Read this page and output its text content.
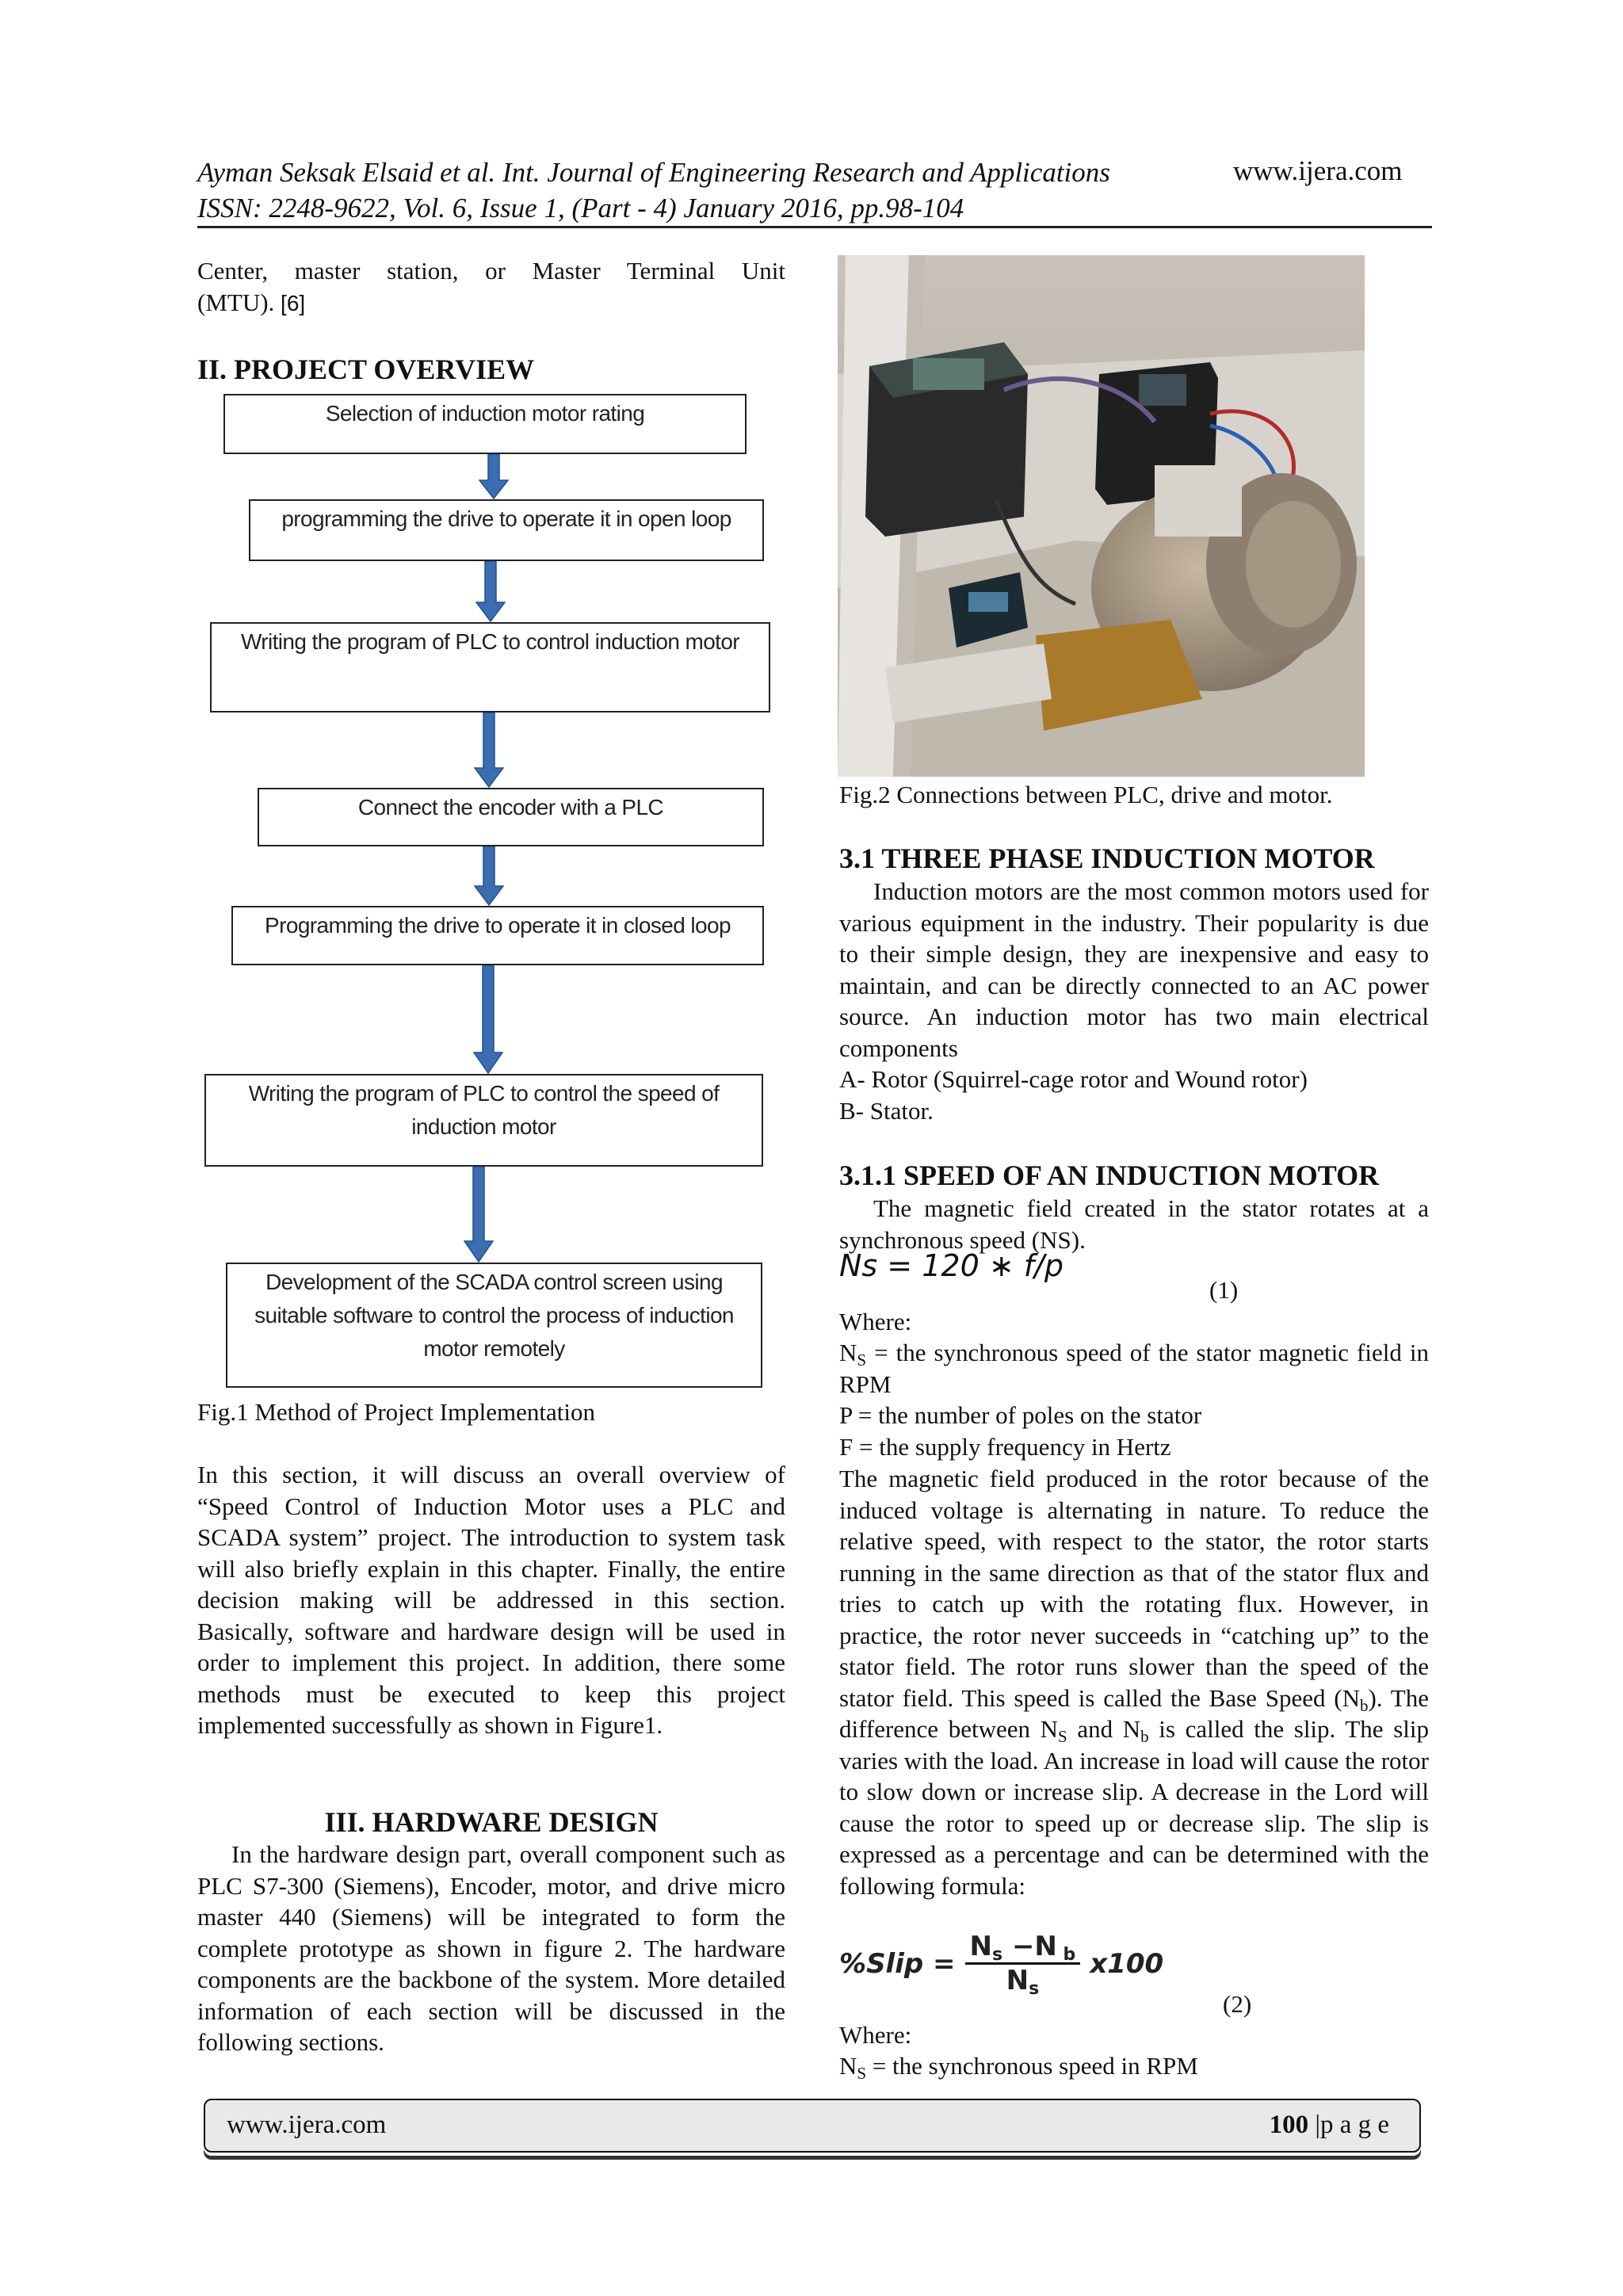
Ayman Seksak Elsaid et al. Int. Journal of Engineering Research and Applications	www.ijera.com
ISSN: 2248-9622, Vol. 6, Issue 1, (Part - 4) January 2016, pp.98-104

Center, master station, or Master Terminal Unit

(MTU). [6]

II. PROJECT OVERVIEW
Selection of induction motor rating
programming the drive to operate it in open loop
Writing the program of PLC to control induction motor
Connect the encoder with a PLC
Programming the drive to operate it in closed loop
Writing the program of PLC to control the speed of induction motor
Development of the SCADA control screen using suitable software to control the process of induction motor remotely
Fig.1 Method of Project Implementation
In this section, it will discuss an overall overview of “Speed Control of Induction Motor uses a PLC and SCADA system” project. The introduction to system task will also briefly explain in this chapter. Finally, the entire decision making will be addressed in this section. Basically, software and hardware design will be used in order to implement this project. In addition, there some methods must be executed to keep this project implemented successfully as shown in Figure1.
III. HARDWARE DESIGN
In the hardware design part, overall component such as PLC S7-300 (Siemens), Encoder, motor, and drive micro master 440 (Siemens) will be integrated to form the complete prototype as shown in figure 2. The hardware components are the backbone of the system. More detailed information of each section will be discussed in the following sections.
Fig.2 Connections between PLC, drive and motor.
3.1 THREE PHASE INDUCTION MOTOR
Induction motors are the most common motors used for various equipment in the industry. Their popularity is due to their simple design, they are inexpensive and easy to maintain, and can be directly connected to an AC power source. An induction motor has two main electrical components
A- Rotor (Squirrel-cage rotor and Wound rotor)
B- Stator.
3.1.1 SPEED OF AN INDUCTION MOTOR
The magnetic field created in the stator rotates at a synchronous speed (NS).
Ns = 120 ∗ f/p
(1)
Where:
$N_S$ = the synchronous speed of the stator magnetic field in RPM
P = the number of poles on the stator
F = the supply frequency in Hertz
The magnetic field produced in the rotor because of the induced voltage is alternating in nature. To reduce the relative speed, with respect to the stator, the rotor starts running in the same direction as that of the stator flux and tries to catch up with the rotating flux. However, in practice, the rotor never succeeds in “catching up” to the stator field. The rotor runs slower than the speed of the stator field. This speed is called the Base Speed $(N_b)$. The difference between $N_S$ and $N_b$ is called the slip. The slip varies with the load. An increase in load will cause the rotor to slow down or increase slip. A decrease in the Lord will cause the rotor to speed up or decrease slip. The slip is expressed as a percentage and can be determined with the following formula:
%Slip = $\frac{N_s -N _b}{N_s} x100$
(2)
Where:
$N_S$ = the synchronous speed in RPM
www.ijera.com	100 |p a g e
